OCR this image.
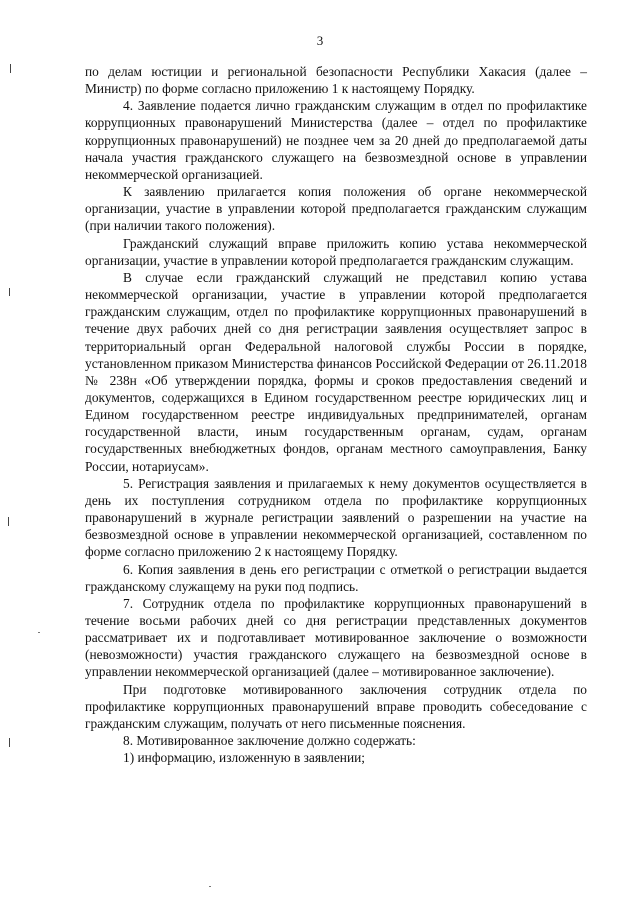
3

по делам юстиции и региональной безопасности Республики Хакасия (далее – Министр) по форме согласно приложению 1 к настоящему Порядку.

4. Заявление подается лично гражданским служащим в отдел по профилактике коррупционных правонарушений Министерства (далее – отдел по профилактике коррупционных правонарушений) не позднее чем за 20 дней до предполагаемой даты начала участия гражданского служащего на безвозмездной основе в управлении некоммерческой организацией.

К заявлению прилагается копия положения об органе некоммерческой организации, участие в управлении которой предполагается гражданским служащим (при наличии такого положения).

Гражданский служащий вправе приложить копию устава некоммерческой организации, участие в управлении которой предполагается гражданским служащим.

В случае если гражданский служащий не представил копию устава некоммерческой организации, участие в управлении которой предполагается гражданским служащим, отдел по профилактике коррупционных правонарушений в течение двух рабочих дней со дня регистрации заявления осуществляет запрос в территориальный орган Федеральной налоговой службы России в порядке, установленном приказом Министерства финансов Российской Федерации от 26.11.2018 № 238н «Об утверждении порядка, формы и сроков предоставления сведений и документов, содержащихся в Едином государственном реестре юридических лиц и Едином государственном реестре индивидуальных предпринимателей, органам государственной власти, иным государственным органам, судам, органам государственных внебюджетных фондов, органам местного самоуправления, Банку России, нотариусам».

5. Регистрация заявления и прилагаемых к нему документов осуществляется в день их поступления сотрудником отдела по профилактике коррупционных правонарушений в журнале регистрации заявлений о разрешении на участие на безвозмездной основе в управлении некоммерческой организацией, составленном по форме согласно приложению 2 к настоящему Порядку.

6. Копия заявления в день его регистрации с отметкой о регистрации выдается гражданскому служащему на руки под подпись.

7. Сотрудник отдела по профилактике коррупционных правонарушений в течение восьми рабочих дней со дня регистрации представленных документов рассматривает их и подготавливает мотивированное заключение о возможности (невозможности) участия гражданского служащего на безвозмездной основе в управлении некоммерческой организацией (далее – мотивированное заключение).

При подготовке мотивированного заключения сотрудник отдела по профилактике коррупционных правонарушений вправе проводить собеседование с гражданским служащим, получать от него письменные пояснения.

8. Мотивированное заключение должно содержать:

1) информацию, изложенную в заявлении;
